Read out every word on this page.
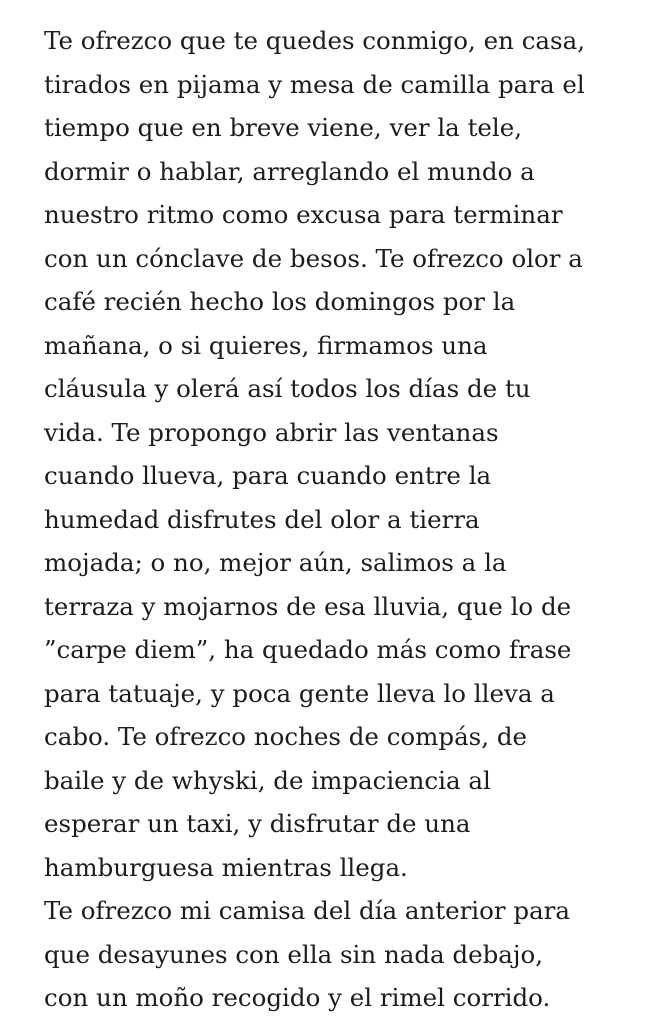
Te ofrezco que te quedes conmigo, en casa,
tirados en pijama y mesa de camilla para el
tiempo que en breve viene, ver la tele,
dormir o hablar, arreglando el mundo a
nuestro ritmo como excusa para terminar
con un cónclave de besos. Te ofrezco olor a
café recién hecho los domingos por la
mañana, o si quieres, firmamos una
cláusula y olerá así todos los días de tu
vida. Te propongo abrir las ventanas
cuando llueva, para cuando entre la
humedad disfrutes del olor a tierra
mojada; o no, mejor aún, salimos a la
terraza y mojarnos de esa lluvia, que lo de
”carpe diem”, ha quedado más como frase
para tatuaje, y poca gente lleva lo lleva a
cabo. Te ofrezco noches de compás, de
baile y de whyski, de impaciencia al
esperar un taxi, y disfrutar de una
hamburguesa mientras llega.
Te ofrezco mi camisa del día anterior para
que desayunes con ella sin nada debajo,
con un moño recogido y el rimel corrido.
